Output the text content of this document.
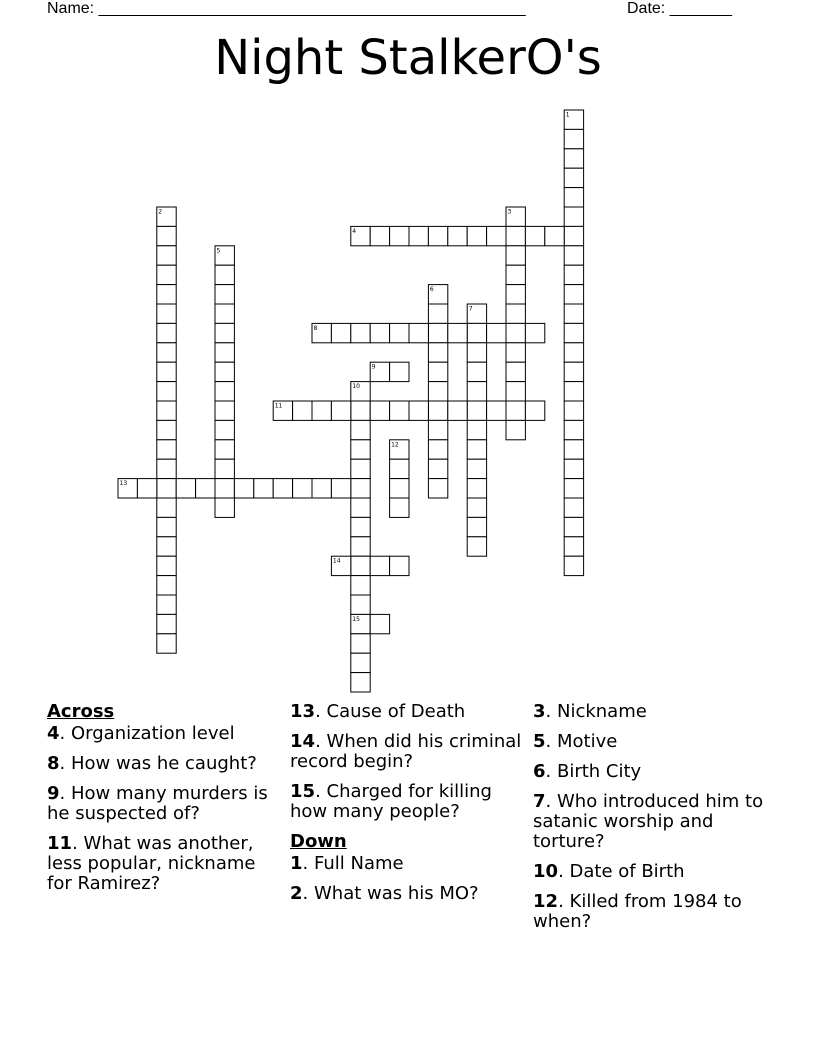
Name: ________________________________________________	Date: _______
Night StalkerO's
1
2	3
4
5
6
7
8
9
10
11
12
13
14
15
Across
4. Organization level
8. How was he caught?
9. How many murders is he suspected of?
11. What was another, less popular, nickname for Ramirez?
13. Cause of Death
14. When did his criminal record begin?
15. Charged for killing how many people?
Down
1. Full Name
2. What was his MO?
3. Nickname
5. Motive
6. Birth City
7. Who introduced him to satanic worship and torture?
10. Date of Birth
12. Killed from 1984 to when?
